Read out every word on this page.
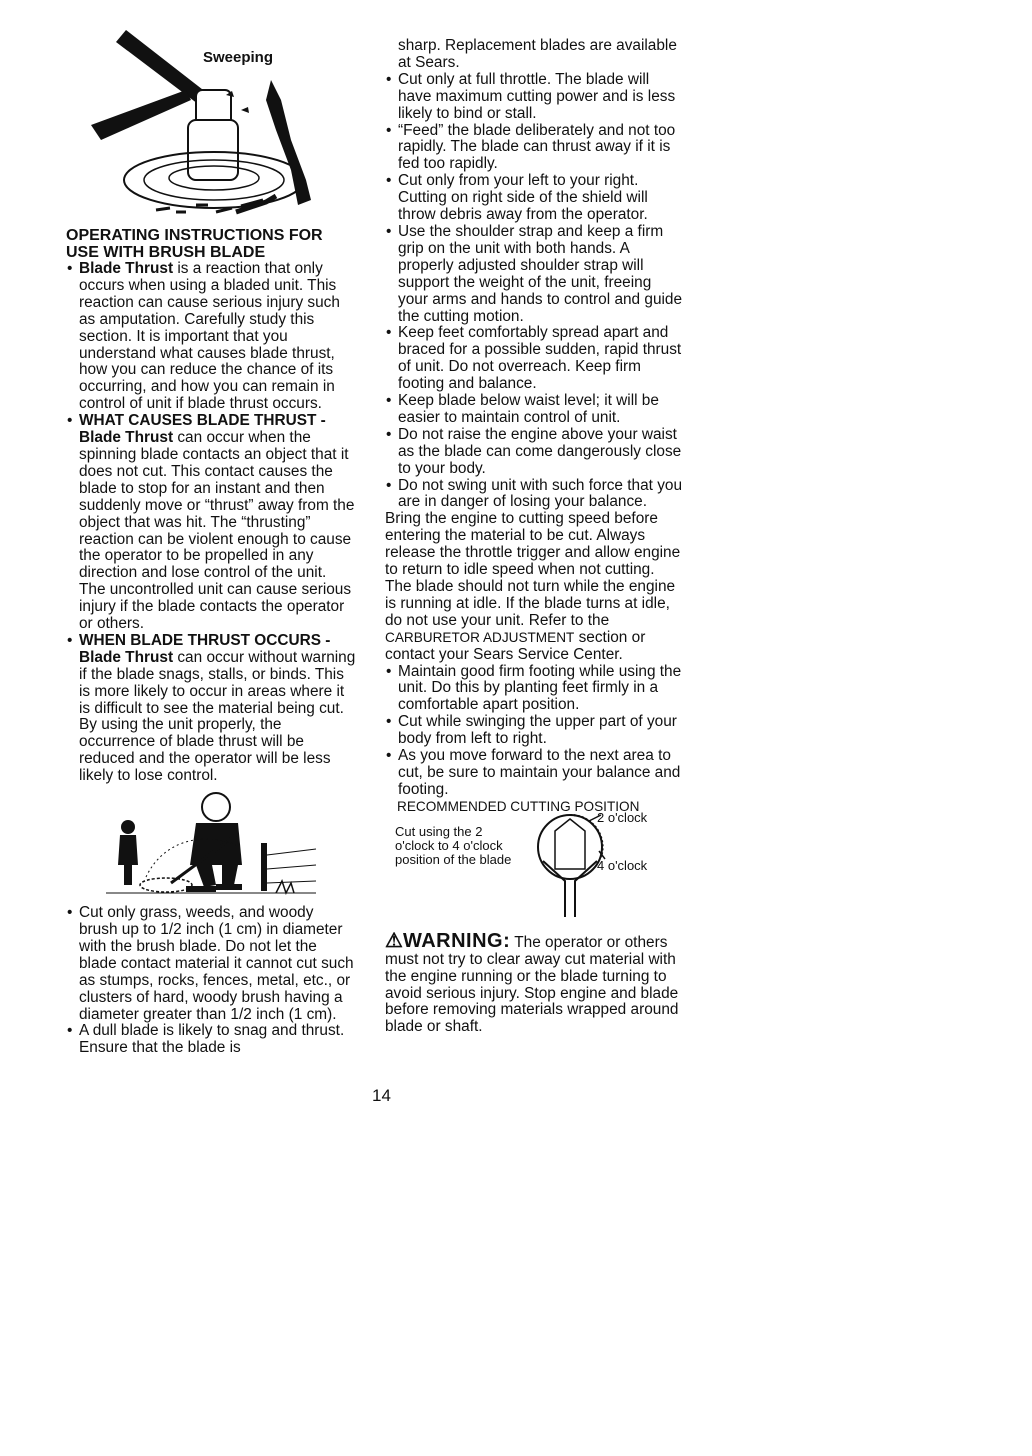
Sweeping

OPERATING INSTRUCTIONS FOR
USE WITH BRUSH BLADE

• Blade Thrust is a reaction that only occurs when using a bladed unit. This reaction can cause serious injury such as amputation. Carefully study this section. It is important that you understand what causes blade thrust, how you can reduce the chance of its occurring, and how you can remain in control of unit if blade thrust occurs.

• WHAT CAUSES BLADE THRUST - Blade Thrust can occur when the spinning blade contacts an object that it does not cut. This contact causes the blade to stop for an instant and then suddenly move or “thrust” away from the object that was hit. The “thrusting” reaction can be violent enough to cause the operator to be propelled in any direction and lose control of the unit. The uncontrolled unit can cause serious injury if the blade contacts the operator or others.

• WHEN BLADE THRUST OCCURS - Blade Thrust can occur without warning if the blade snags, stalls, or binds. This is more likely to occur in areas where it is difficult to see the material being cut. By using the unit properly, the occurrence of blade thrust will be reduced and the operator will be less likely to lose control.

• Cut only grass, weeds, and woody brush up to 1/2 inch (1 cm) in diameter with the brush blade. Do not let the blade contact material it cannot cut such as stumps, rocks, fences, metal, etc., or clusters of hard, woody brush having a diameter greater than 1/2 inch (1 cm).

• A dull blade is likely to snag and thrust. Ensure that the blade is

sharp. Replacement blades are available at Sears.

• Cut only at full throttle. The blade will have maximum cutting power and is less likely to bind or stall.

• “Feed” the blade deliberately and not too rapidly. The blade can thrust away if it is fed too rapidly.

• Cut only from your left to your right. Cutting on right side of the shield will throw debris away from the operator.

• Use the shoulder strap and keep a firm grip on the unit with both hands. A properly adjusted shoulder strap will support the weight of the unit, freeing your arms and hands to control and guide the cutting motion.

• Keep feet comfortably spread apart and braced for a possible sudden, rapid thrust of unit. Do not overreach. Keep firm footing and balance.

• Keep blade below waist level; it will be easier to maintain control of unit.

• Do not raise the engine above your waist as the blade can come dangerously close to your body.

• Do not swing unit with such force that you are in danger of losing your balance.

Bring the engine to cutting speed before entering the material to be cut. Always release the throttle trigger and allow engine to return to idle speed when not cutting. The blade should not turn while the engine is running at idle. If the blade turns at idle, do not use your unit. Refer to the CARBURETOR ADJUSTMENT section or contact your Sears Service Center.

• Maintain good firm footing while using the unit. Do this by planting feet firmly in a comfortable apart position.

• Cut while swinging the upper part of your body from left to right.

• As you move forward to the next area to cut, be sure to maintain your balance and footing.

RECOMMENDED CUTTING POSITION
Cut using the 2 o'clock to 4 o'clock position of the blade
2 o'clock
4 o'clock

⚠WARNING: The operator or others must not try to clear away cut material with the engine running or the blade turning to avoid serious injury. Stop engine and blade before removing materials wrapped around blade or shaft.

14
